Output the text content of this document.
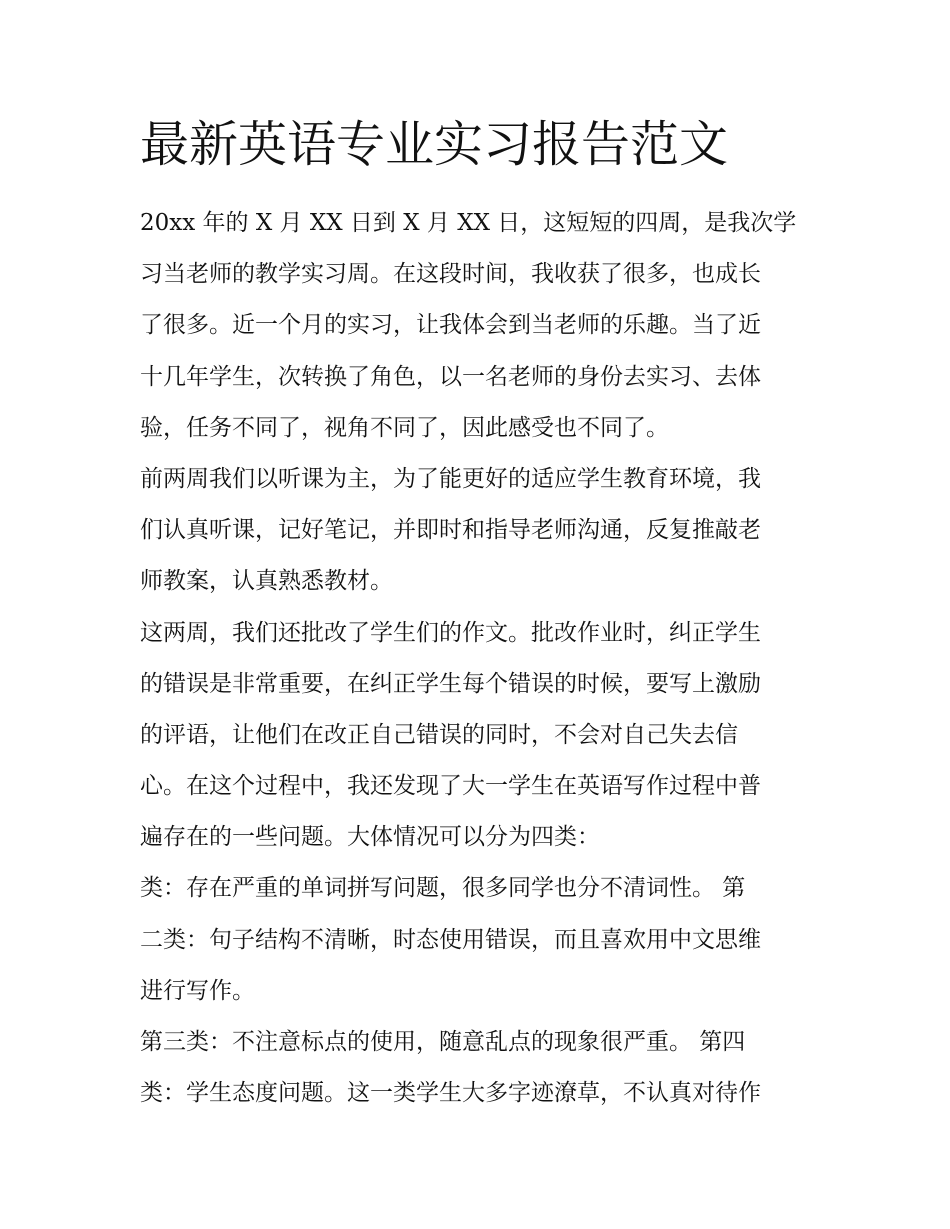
最新英语专业实习报告范文

20xx 年的 X 月 XX 日到 X 月 XX 日，这短短的四周，是我次学
习当老师的教学实习周。在这段时间，我收获了很多，也成长
了很多。近一个月的实习，让我体会到当老师的乐趣。当了近
十几年学生，次转换了角色，以一名老师的身份去实习、去体
验，任务不同了，视角不同了，因此感受也不同了。

前两周我们以听课为主，为了能更好的适应学生教育环境，我
们认真听课，记好笔记，并即时和指导老师沟通，反复推敲老
师教案，认真熟悉教材。

这两周，我们还批改了学生们的作文。批改作业时，纠正学生
的错误是非常重要，在纠正学生每个错误的时候，要写上激励
的评语，让他们在改正自己错误的同时，不会对自己失去信
心。在这个过程中，我还发现了大一学生在英语写作过程中普
遍存在的一些问题。大体情况可以分为四类：

类：存在严重的单词拼写问题，很多同学也分不清词性。 第
二类：句子结构不清晰，时态使用错误，而且喜欢用中文思维
进行写作。

第三类：不注意标点的使用，随意乱点的现象很严重。 第四
类：学生态度问题。这一类学生大多字迹潦草，不认真对待作
